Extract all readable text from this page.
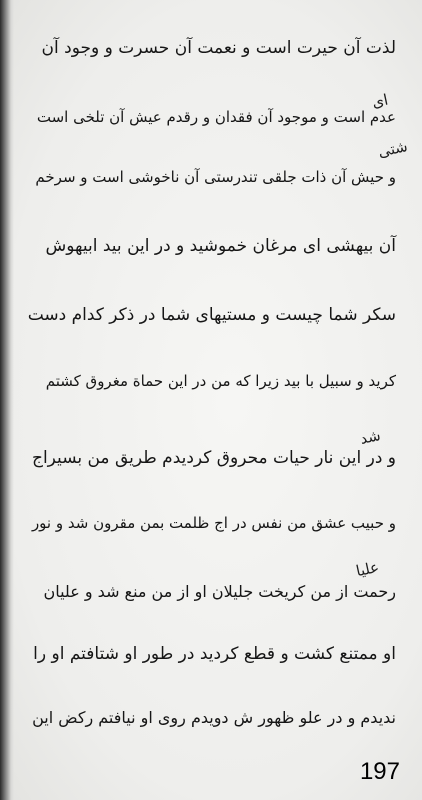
لذت آن حیرت است و نعمت آن حسرت و وجود آن
عدم است و موجود آن فقدان و رقدم عیش آن تلخی است
و حیش آن ذات جلقی تندرستی آن ناخوشی است و سرخم
آن بیهشی ای مرغان خموشید و در این بید ابیهوش
سکر شما چیست و مستیهای شما در ذکر کدام دست
کرید و سبیل با بید زیرا که من در این حماة مغروق کشتم
و در این نار حیات محروق کردیدم طریق من بسیراج
و حبیب عشق من نفس در اج ظلمت بمن مقرون شد و نور
رحمت از من کریخت جلیلان او از من منع شد و علیان
او ممتنع کشت و قطع کردید در طور او شتافتم او را
ندیدم و در علو ظهور ش دویدم روی او نیافتم رکض این
ای
شتی
شد
علیا
197
